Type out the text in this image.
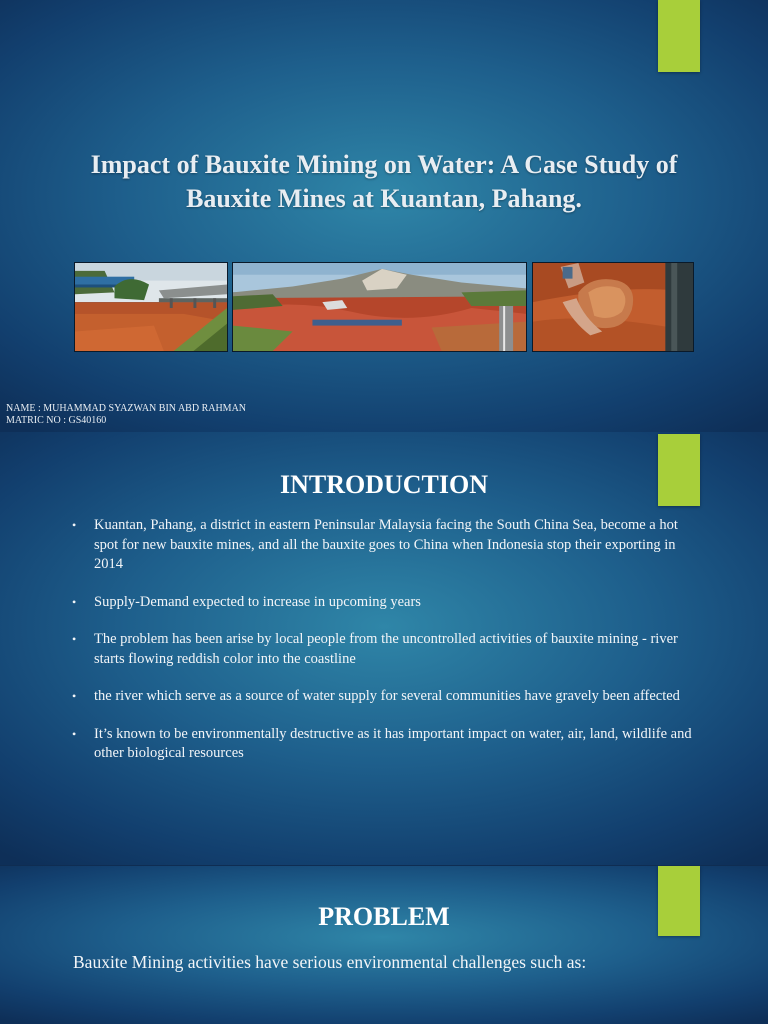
Impact of Bauxite Mining on Water: A Case Study of Bauxite Mines at Kuantan, Pahang.
NAME : MUHAMMAD SYAZWAN BIN ABD RAHMAN
MATRIC NO : GS40160
INTRODUCTION
• Kuantan, Pahang, a district in eastern Peninsular Malaysia facing the South China Sea, become a hot spot for new bauxite mines, and all the bauxite goes to China when Indonesia stop their exporting in 2014
• Supply-Demand expected to increase in upcoming years
• The problem has been arise by local people from the uncontrolled activities of bauxite mining - river starts flowing reddish color into the coastline
• the river which serve as a source of water supply for several communities have gravely been affected
• It’s known to be environmentally destructive as it has important impact on water, air, land, wildlife and other biological resources
PROBLEM
Bauxite Mining activities have serious environmental challenges such as:
